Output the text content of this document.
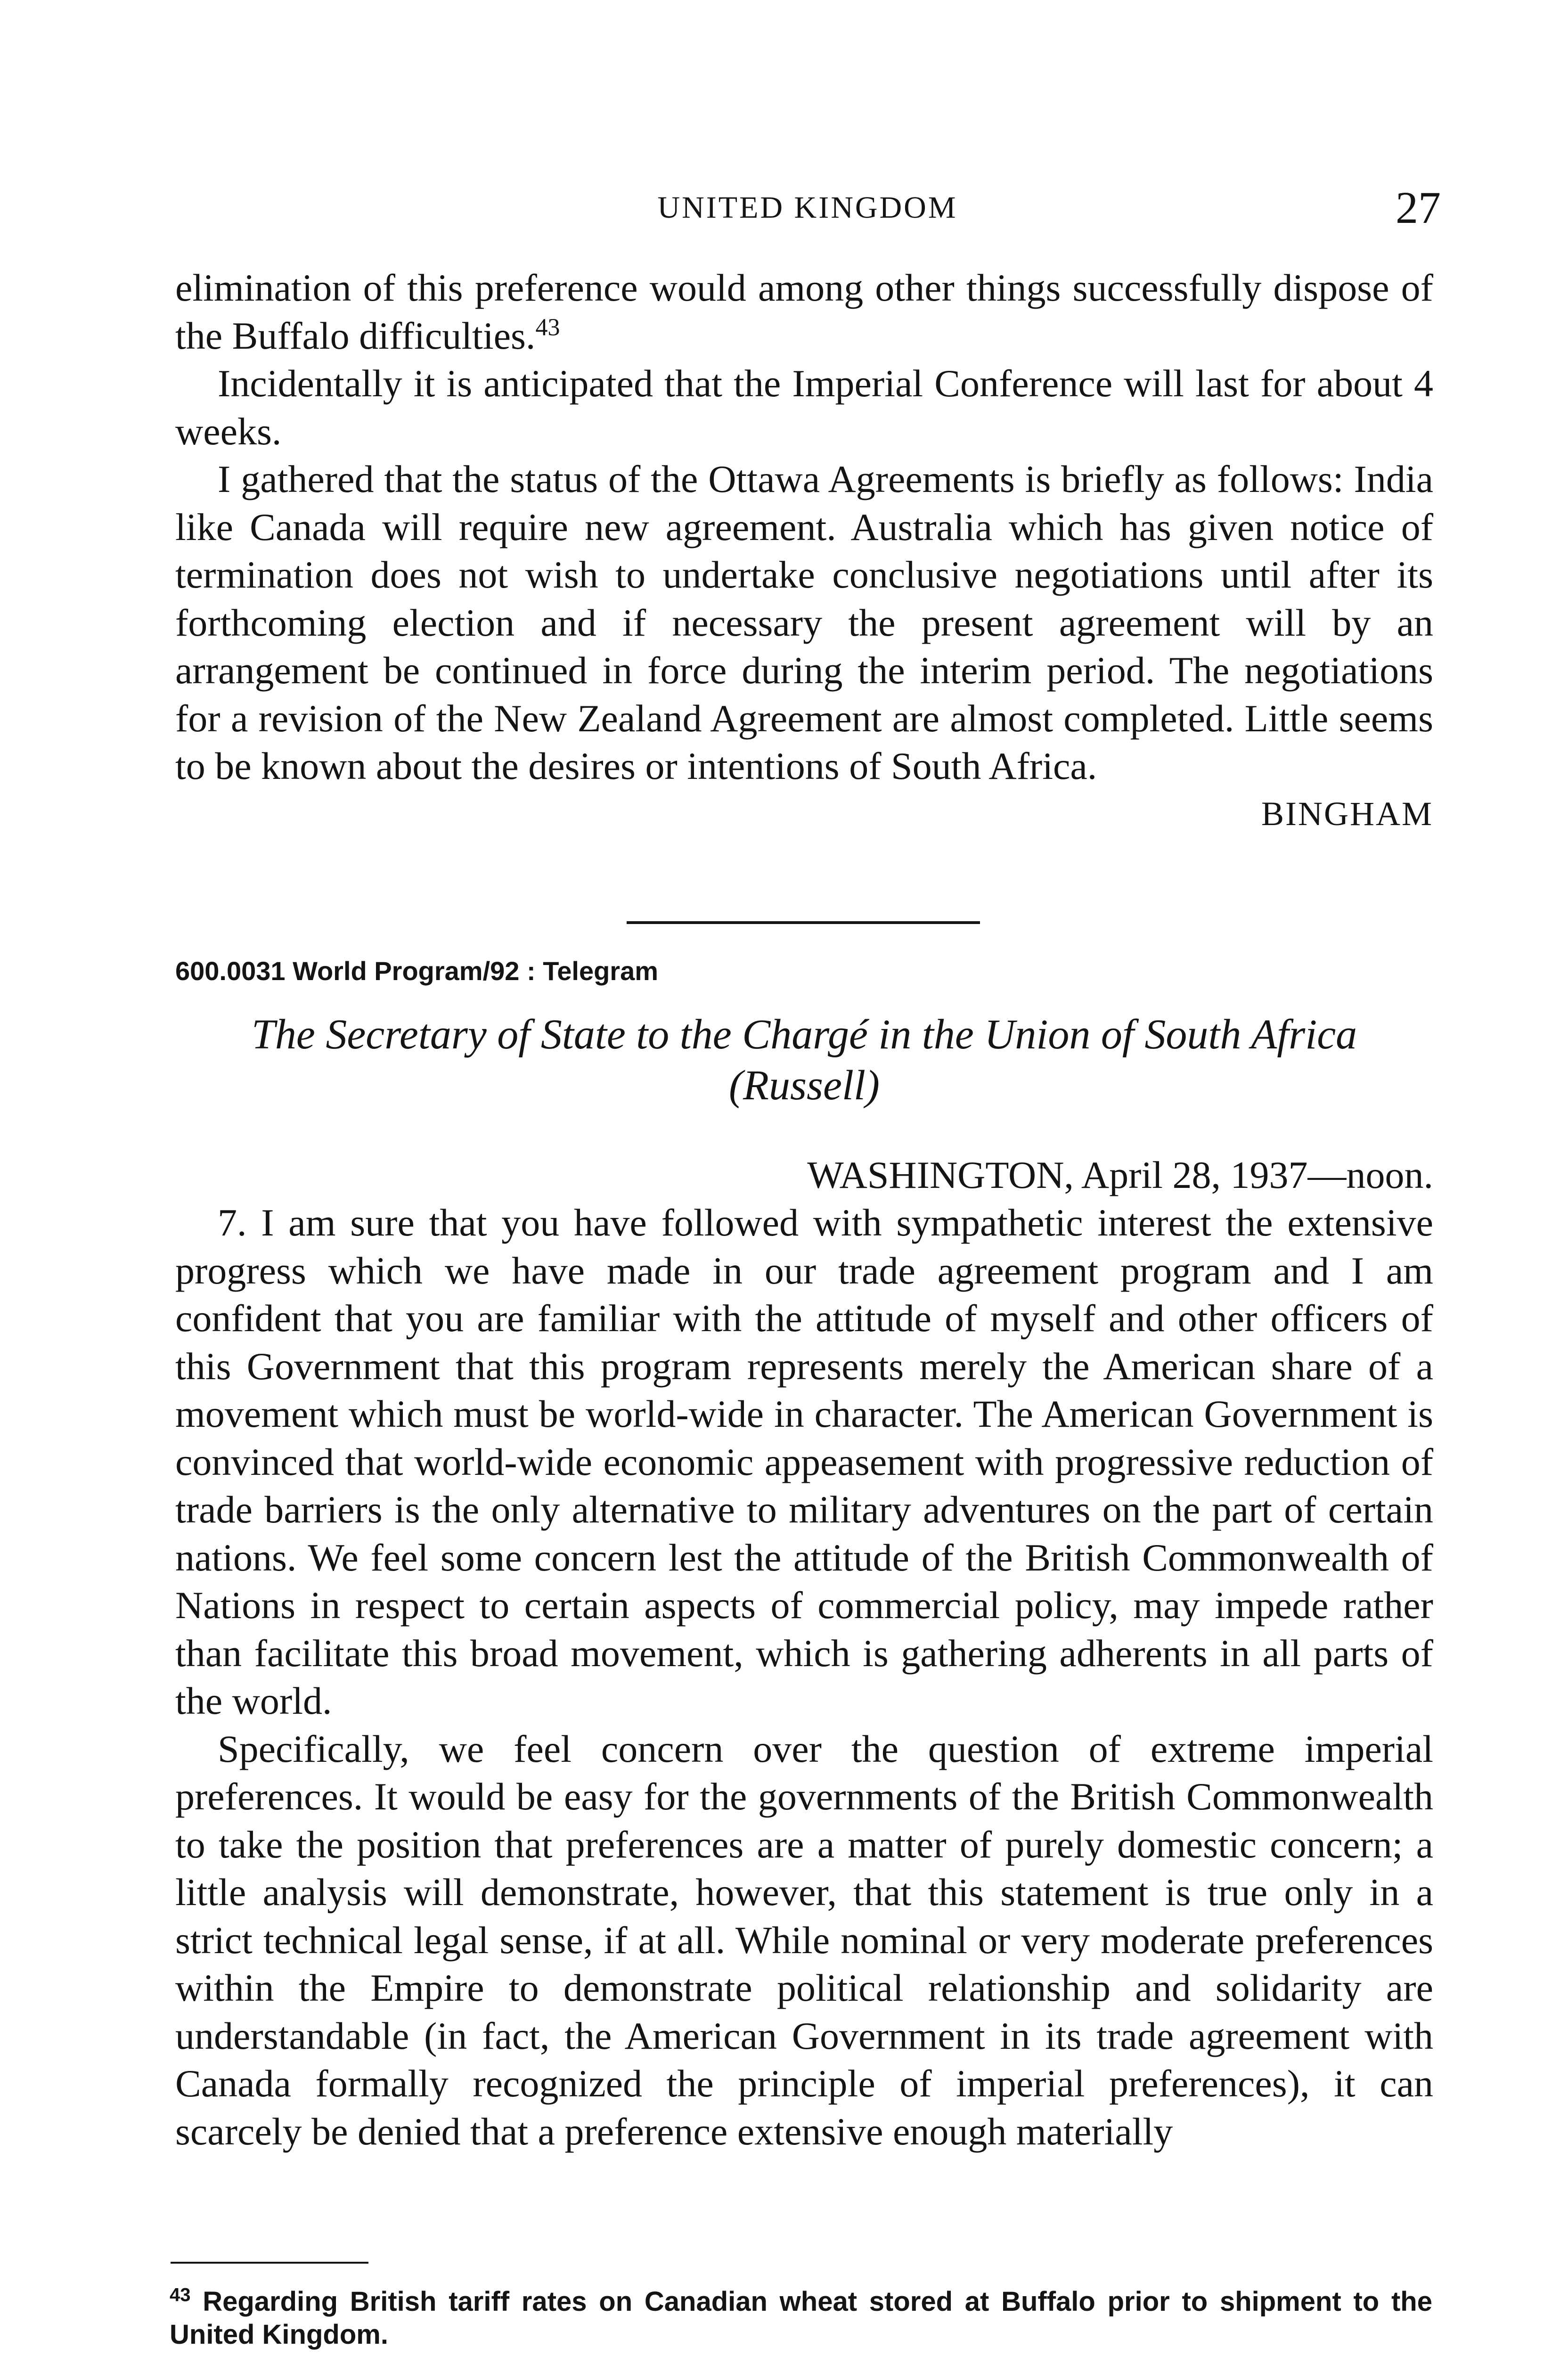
UNITED KINGDOM	27

elimination of this preference would among other things successfully dispose of the Buffalo difficulties.$^{43}$

Incidentally it is anticipated that the Imperial Conference will last for about 4 weeks.

I gathered that the status of the Ottawa Agreements is briefly as follows: India like Canada will require new agreement. Australia which has given notice of termination does not wish to undertake conclusive negotiations until after its forthcoming election and if necessary the present agreement will by an arrangement be continued in force during the interim period. The negotiations for a revision of the New Zealand Agreement are almost completed. Little seems to be known about the desires or intentions of South Africa.

BINGHAM
600.0031 World Program/92 : Telegram
The Secretary of State to the Chargé in the Union of South Africa
(Russell)
WASHINGTON, April 28, 1937—noon.

7. I am sure that you have followed with sympathetic interest the extensive progress which we have made in our trade agreement program and I am confident that you are familiar with the attitude of myself and other officers of this Government that this program represents merely the American share of a movement which must be world-wide in character. The American Government is convinced that world-wide economic appeasement with progressive reduction of trade barriers is the only alternative to military adventures on the part of certain nations. We feel some concern lest the attitude of the British Commonwealth of Nations in respect to certain aspects of commercial policy, may impede rather than facilitate this broad movement, which is gathering adherents in all parts of the world.

Specifically, we feel concern over the question of extreme imperial preferences. It would be easy for the governments of the British Commonwealth to take the position that preferences are a matter of purely domestic concern; a little analysis will demonstrate, however, that this statement is true only in a strict technical legal sense, if at all. While nominal or very moderate preferences within the Empire to demonstrate political relationship and solidarity are understandable (in fact, the American Government in its trade agreement with Canada formally recognized the principle of imperial preferences), it can scarcely be denied that a preference extensive enough materially

$^{43}$ Regarding British tariff rates on Canadian wheat stored at Buffalo prior to shipment to the United Kingdom.
